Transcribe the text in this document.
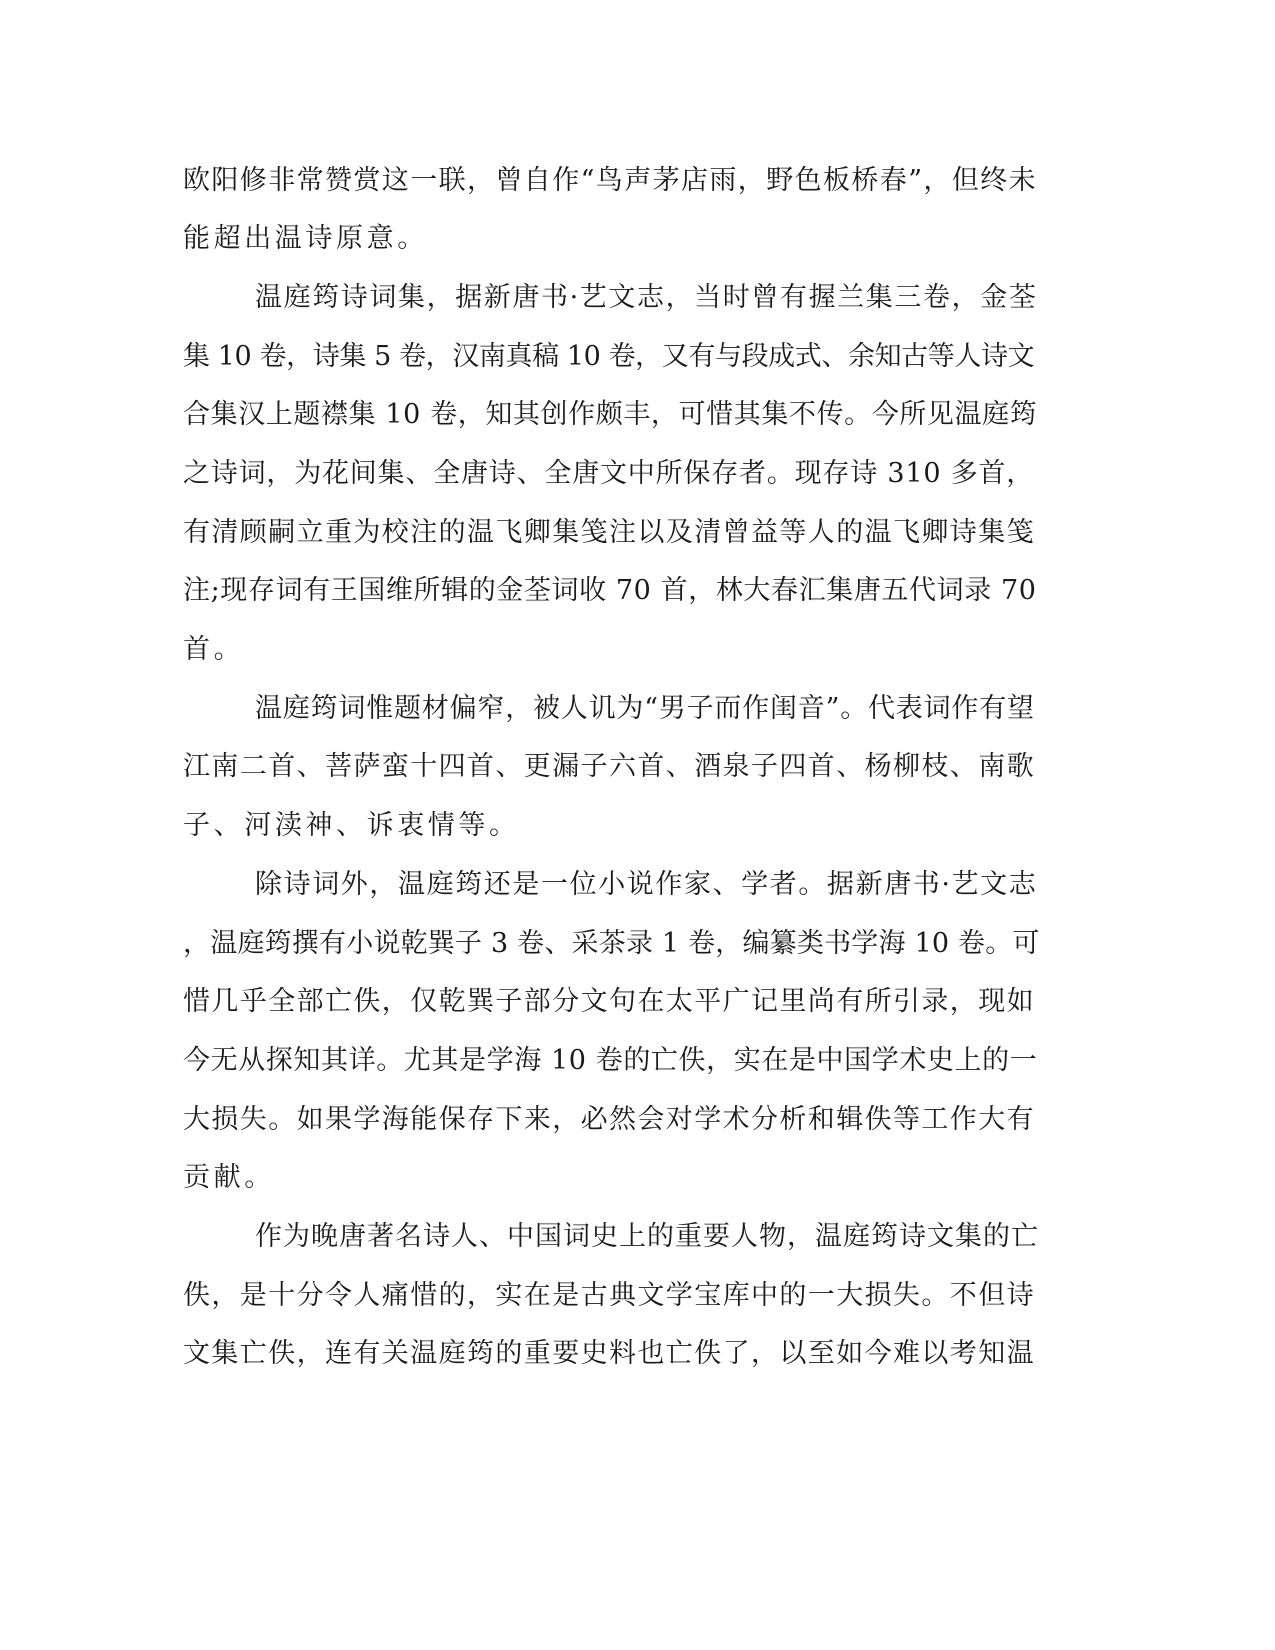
欧阳修非常赞赏这一联，曾自作“鸟声茅店雨，野色板桥春”，但终未

能超出温诗原意。

温庭筠诗词集，据新唐书·艺文志，当时曾有握兰集三卷，金荃

集 10 卷，诗集 5 卷，汉南真稿 10 卷，又有与段成式、余知古等人诗文

合集汉上题襟集 10 卷，知其创作颇丰，可惜其集不传。今所见温庭筠

之诗词，为花间集、全唐诗、全唐文中所保存者。现存诗 310 多首，

有清顾嗣立重为校注的温飞卿集笺注以及清曾益等人的温飞卿诗集笺

注;现存词有王国维所辑的金荃词收 70 首，林大春汇集唐五代词录 70

首。

温庭筠词惟题材偏窄，被人讥为“男子而作闺音”。代表词作有望

江南二首、菩萨蛮十四首、更漏子六首、酒泉子四首、杨柳枝、南歌

子、河渎神、诉衷情等。

除诗词外，温庭筠还是一位小说作家、学者。据新唐书·艺文志

，温庭筠撰有小说乾巽子 3 卷、采茶录 1 卷，编纂类书学海 10 卷。可

惜几乎全部亡佚，仅乾巽子部分文句在太平广记里尚有所引录，现如

今无从探知其详。尤其是学海 10 卷的亡佚，实在是中国学术史上的一

大损失。如果学海能保存下来，必然会对学术分析和辑佚等工作大有

贡献。

作为晚唐著名诗人、中国词史上的重要人物，温庭筠诗文集的亡

佚，是十分令人痛惜的，实在是古典文学宝库中的一大损失。不但诗

文集亡佚，连有关温庭筠的重要史料也亡佚了，以至如今难以考知温
